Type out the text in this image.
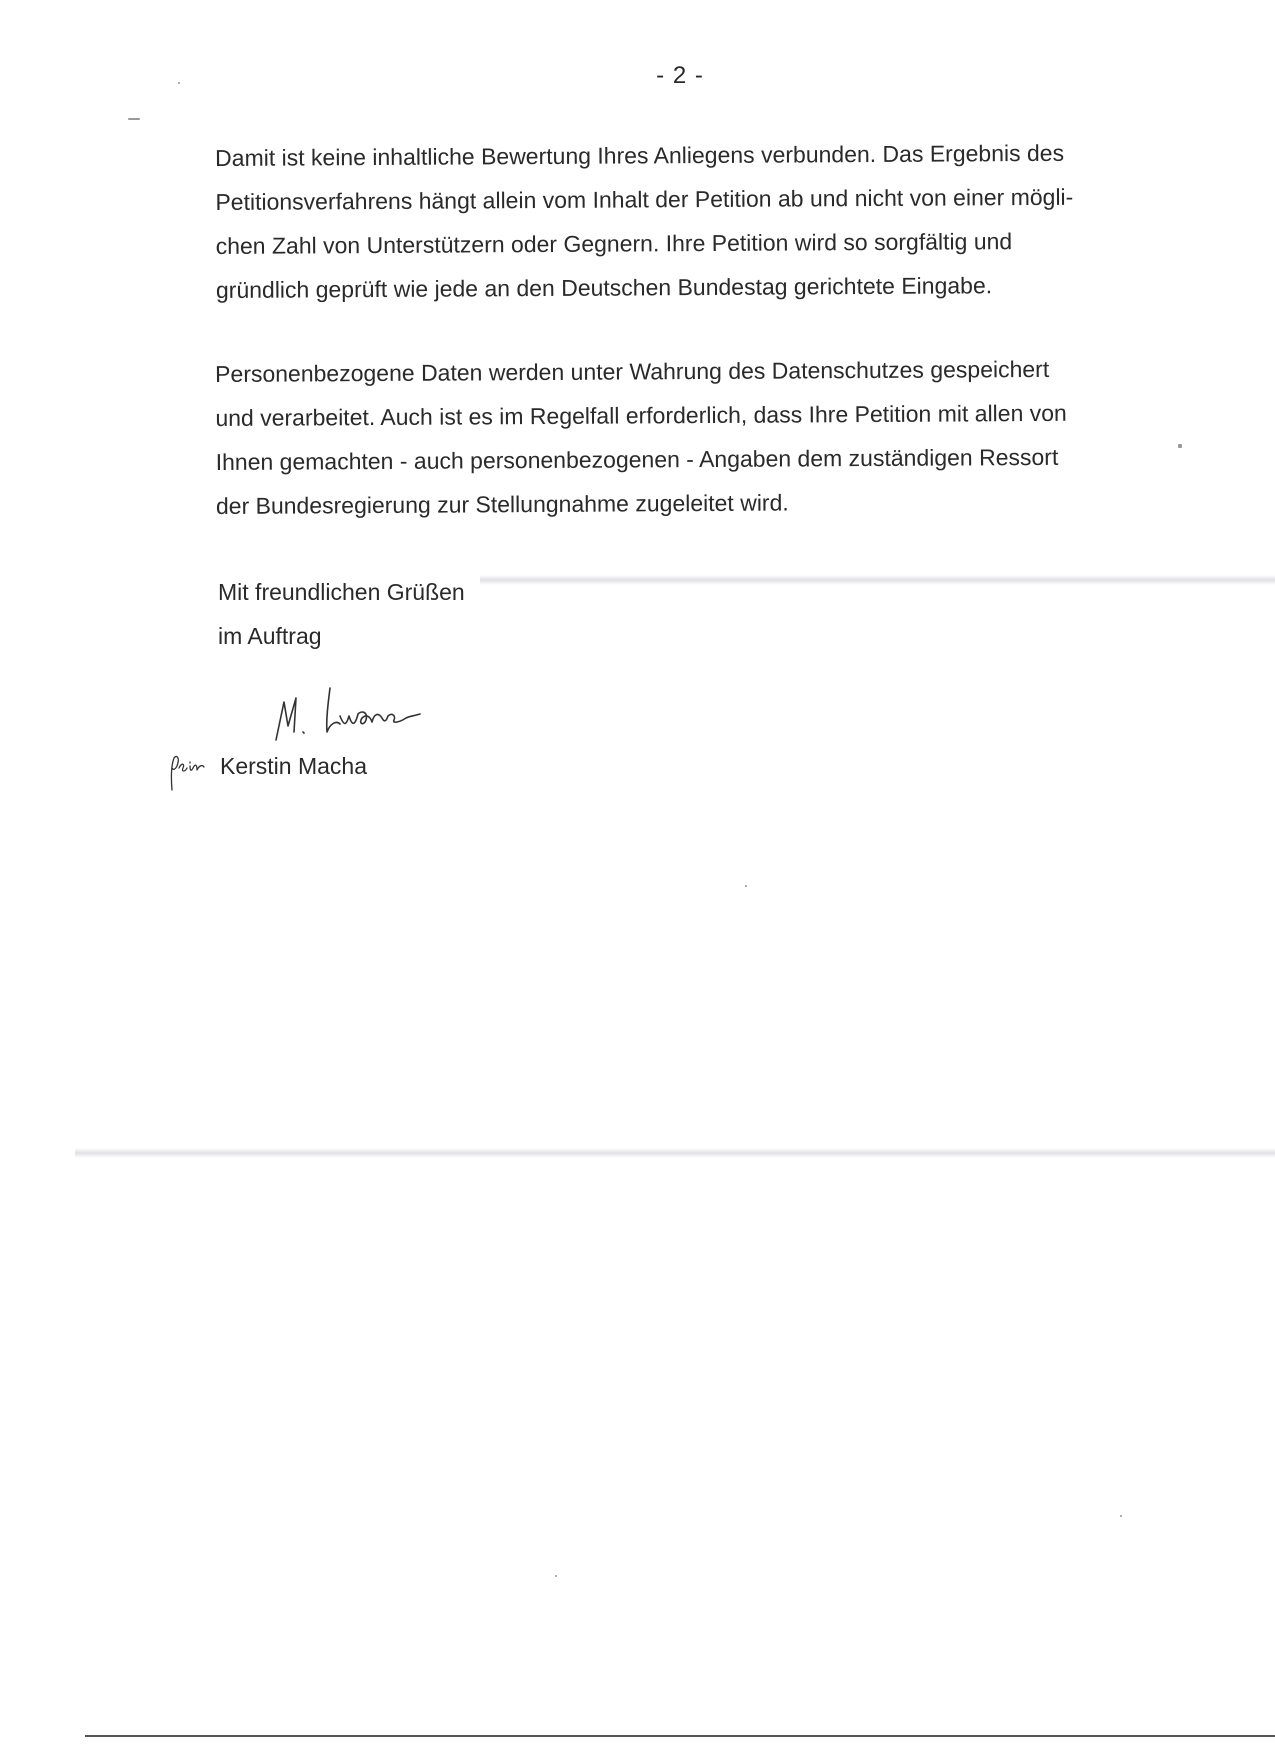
- 2 -

Damit ist keine inhaltliche Bewertung Ihres Anliegens verbunden. Das Ergebnis des
Petitionsverfahrens hängt allein vom Inhalt der Petition ab und nicht von einer mögli-
chen Zahl von Unterstützern oder Gegnern. Ihre Petition wird so sorgfältig und
gründlich geprüft wie jede an den Deutschen Bundestag gerichtete Eingabe.

Personenbezogene Daten werden unter Wahrung des Datenschutzes gespeichert
und verarbeitet. Auch ist es im Regelfall erforderlich, dass Ihre Petition mit allen von
Ihnen gemachten - auch personenbezogenen - Angaben dem zuständigen Ressort
der Bundesregierung zur Stellungnahme zugeleitet wird.

Mit freundlichen Grüßen
im Auftrag
Kerstin Macha
